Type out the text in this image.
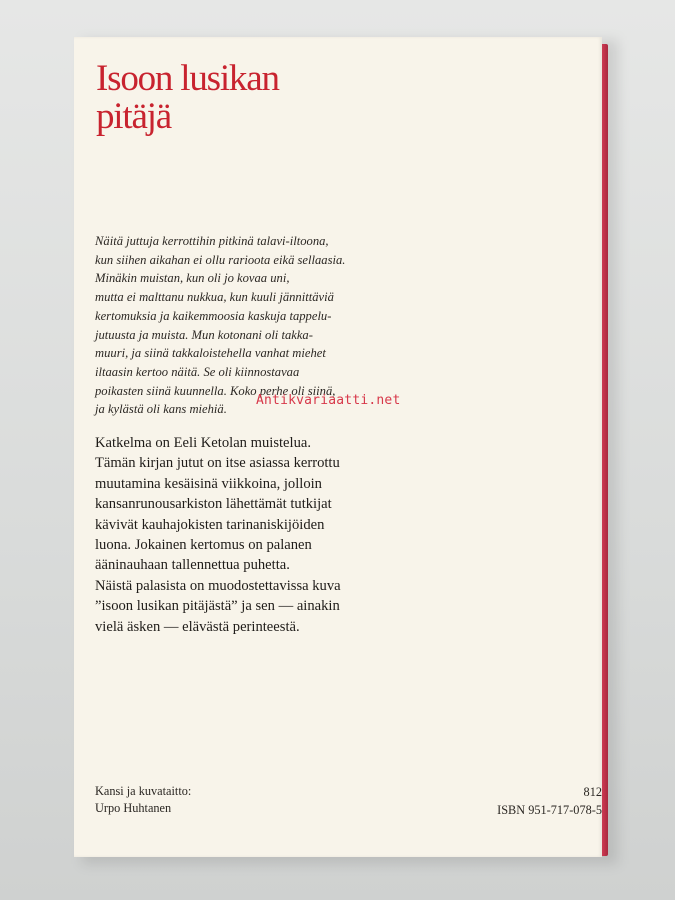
Isoon lusikan
pitäjä
Näitä juttuja kerrottihin pitkinä talavi-iltoona,
kun siihen aikahan ei ollu rarioota eikä sellaasia.
Minäkin muistan, kun oli jo kovaa uni,
mutta ei malttanu nukkua, kun kuuli jännittäviä
kertomuksia ja kaikemmoosia kaskuja tappelu-
jutuusta ja muista. Mun kotonani oli takka-
muuri, ja siinä takkaloistehella vanhat miehet
iltaasin kertoo näitä. Se oli kiinnostavaa
poikasten siinä kuunnella. Koko perhe oli siinä,
ja kylästä oli kans miehiä.
Antikvariaatti.net
Katkelma on Eeli Ketolan muistelua.
Tämän kirjan jutut on itse asiassa kerrottu
muutamina kesäisinä viikkoina, jolloin
kansanrunousarkiston lähettämät tutkijat
kävivät kauhajokisten tarinaniskijöiden
luona. Jokainen kertomus on palanen
ääninauhaan tallennettua puhetta.
Näistä palasista on muodostettavissa kuva
”isoon lusikan pitäjästä” ja sen — ainakin
vielä äsken — elävästä perinteestä.
Kansi ja kuvataitto:
Urpo Huhtanen
812
ISBN 951-717-078-5
